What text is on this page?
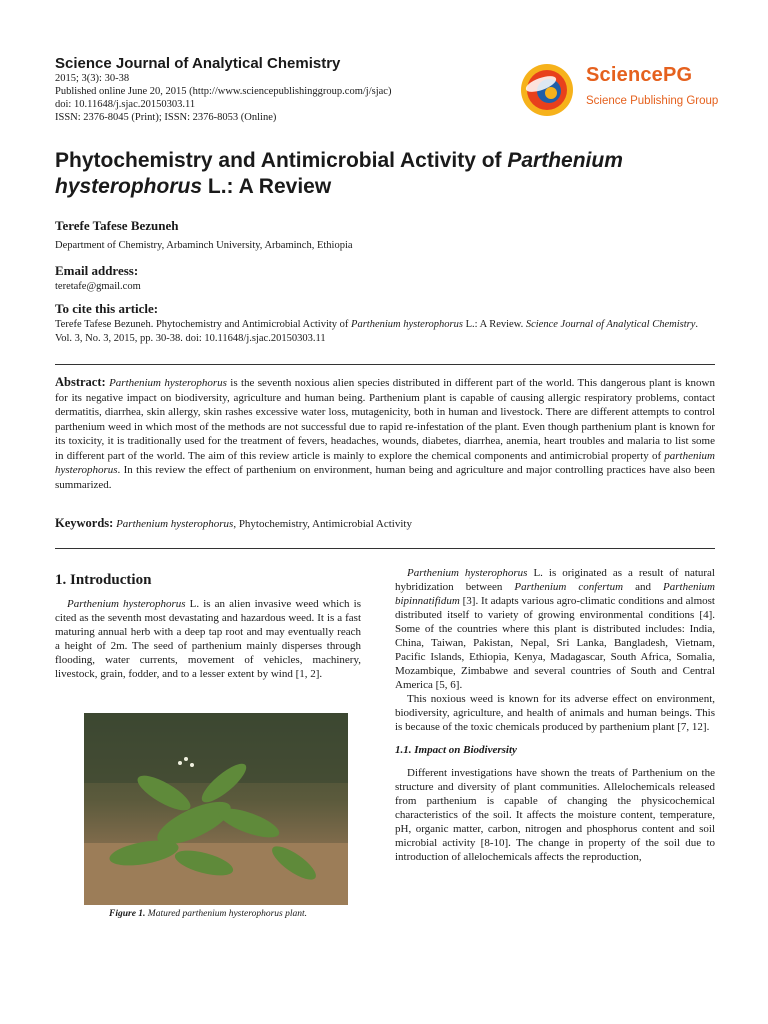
Science Journal of Analytical Chemistry
2015; 3(3): 30-38
Published online June 20, 2015 (http://www.sciencepublishinggroup.com/j/sjac)
doi: 10.11648/j.sjac.20150303.11
ISSN: 2376-8045 (Print); ISSN: 2376-8053 (Online)
SciencePG
Science Publishing Group
Phytochemistry and Antimicrobial Activity of Parthenium hysterophorus L.: A Review
Terefe Tafese Bezuneh
Department of Chemistry, Arbaminch University, Arbaminch, Ethiopia
Email address:
teretafe@gmail.com
To cite this article:
Terefe Tafese Bezuneh. Phytochemistry and Antimicrobial Activity of Parthenium hysterophorus L.: A Review. Science Journal of Analytical Chemistry. Vol. 3, No. 3, 2015, pp. 30-38. doi: 10.11648/j.sjac.20150303.11
Abstract: Parthenium hysterophorus is the seventh noxious alien species distributed in different part of the world. This dangerous plant is known for its negative impact on biodiversity, agriculture and human being. Parthenium plant is capable of causing allergic respiratory problems, contact dermatitis, diarrhea, skin allergy, skin rashes excessive water loss, mutagenicity, both in human and livestock. There are different attempts to control parthenium weed in which most of the methods are not successful due to rapid re-infestation of the plant. Even though parthenium plant is known for its toxicity, it is traditionally used for the treatment of fevers, headaches, wounds, diabetes, diarrhea, anemia, heart troubles and malaria to list some in different part of the world. The aim of this review article is mainly to explore the chemical components and antimicrobial property of parthenium hysterophorus. In this review the effect of parthenium on environment, human being and agriculture and major controlling practices have also been summarized.
Keywords: Parthenium hysterophorus, Phytochemistry, Antimicrobial Activity
1. Introduction

Parthenium hysterophorus L. is an alien invasive weed which is cited as the seventh most devastating and hazardous weed. It is a fast maturing annual herb with a deep tap root and may eventually reach a height of 2m. The seed of parthenium mainly disperses through flooding, water currents, movement of vehicles, machinery, livestock, grain, fodder, and to a lesser extent by wind [1, 2].

Figure 1. Matured parthenium hysterophorus plant.

Parthenium hysterophorus L. is originated as a result of natural hybridization between Parthenium confertum and Parthenium bipinnatifidum [3]. It adapts various agro-climatic conditions and almost distributed itself to variety of growing environmental conditions [4]. Some of the countries where this plant is distributed includes: India, China, Taiwan, Pakistan, Nepal, Sri Lanka, Bangladesh, Vietnam, Pacific Islands, Ethiopia, Kenya, Madagascar, South Africa, Somalia, Mozambique, Zimbabwe and several countries of South and Central America [5, 6].

This noxious weed is known for its adverse effect on environment, biodiversity, agriculture, and health of animals and human beings. This is because of the toxic chemicals produced by parthenium plant [7, 12].

1.1. Impact on Biodiversity

Different investigations have shown the treats of Parthenium on the structure and diversity of plant communities. Allelochemicals released from parthenium is capable of changing the physicochemical characteristics of the soil. It affects the moisture content, temperature, pH, organic matter, carbon, nitrogen and phosphorus content and soil microbial activity [8-10]. The change in property of the soil due to introduction of allelochemicals affects the reproduction,
